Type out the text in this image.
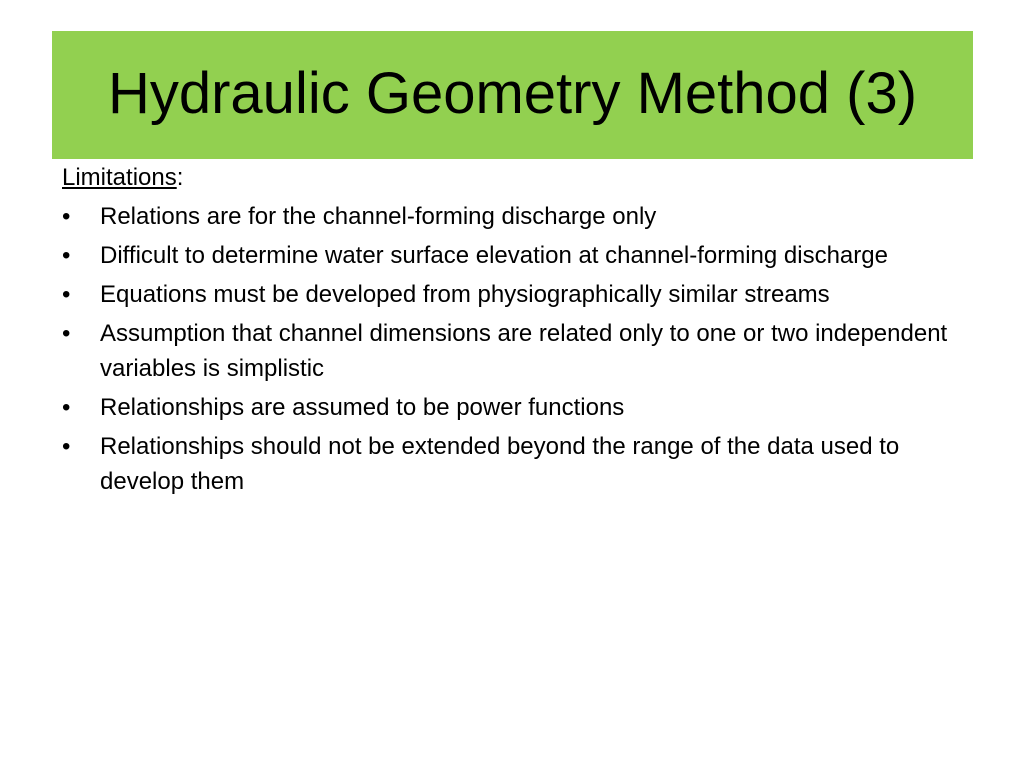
Hydraulic Geometry Method (3)
Limitations:
•	Relations are for the channel-forming discharge only
•	Difficult to determine water surface elevation at channel-forming discharge
•	Equations must be developed from physiographically similar streams
•	Assumption that channel dimensions are related only to one or two independent variables is simplistic
•	Relationships are assumed to be power functions
•	Relationships should not be extended beyond the range of the data used to develop them
